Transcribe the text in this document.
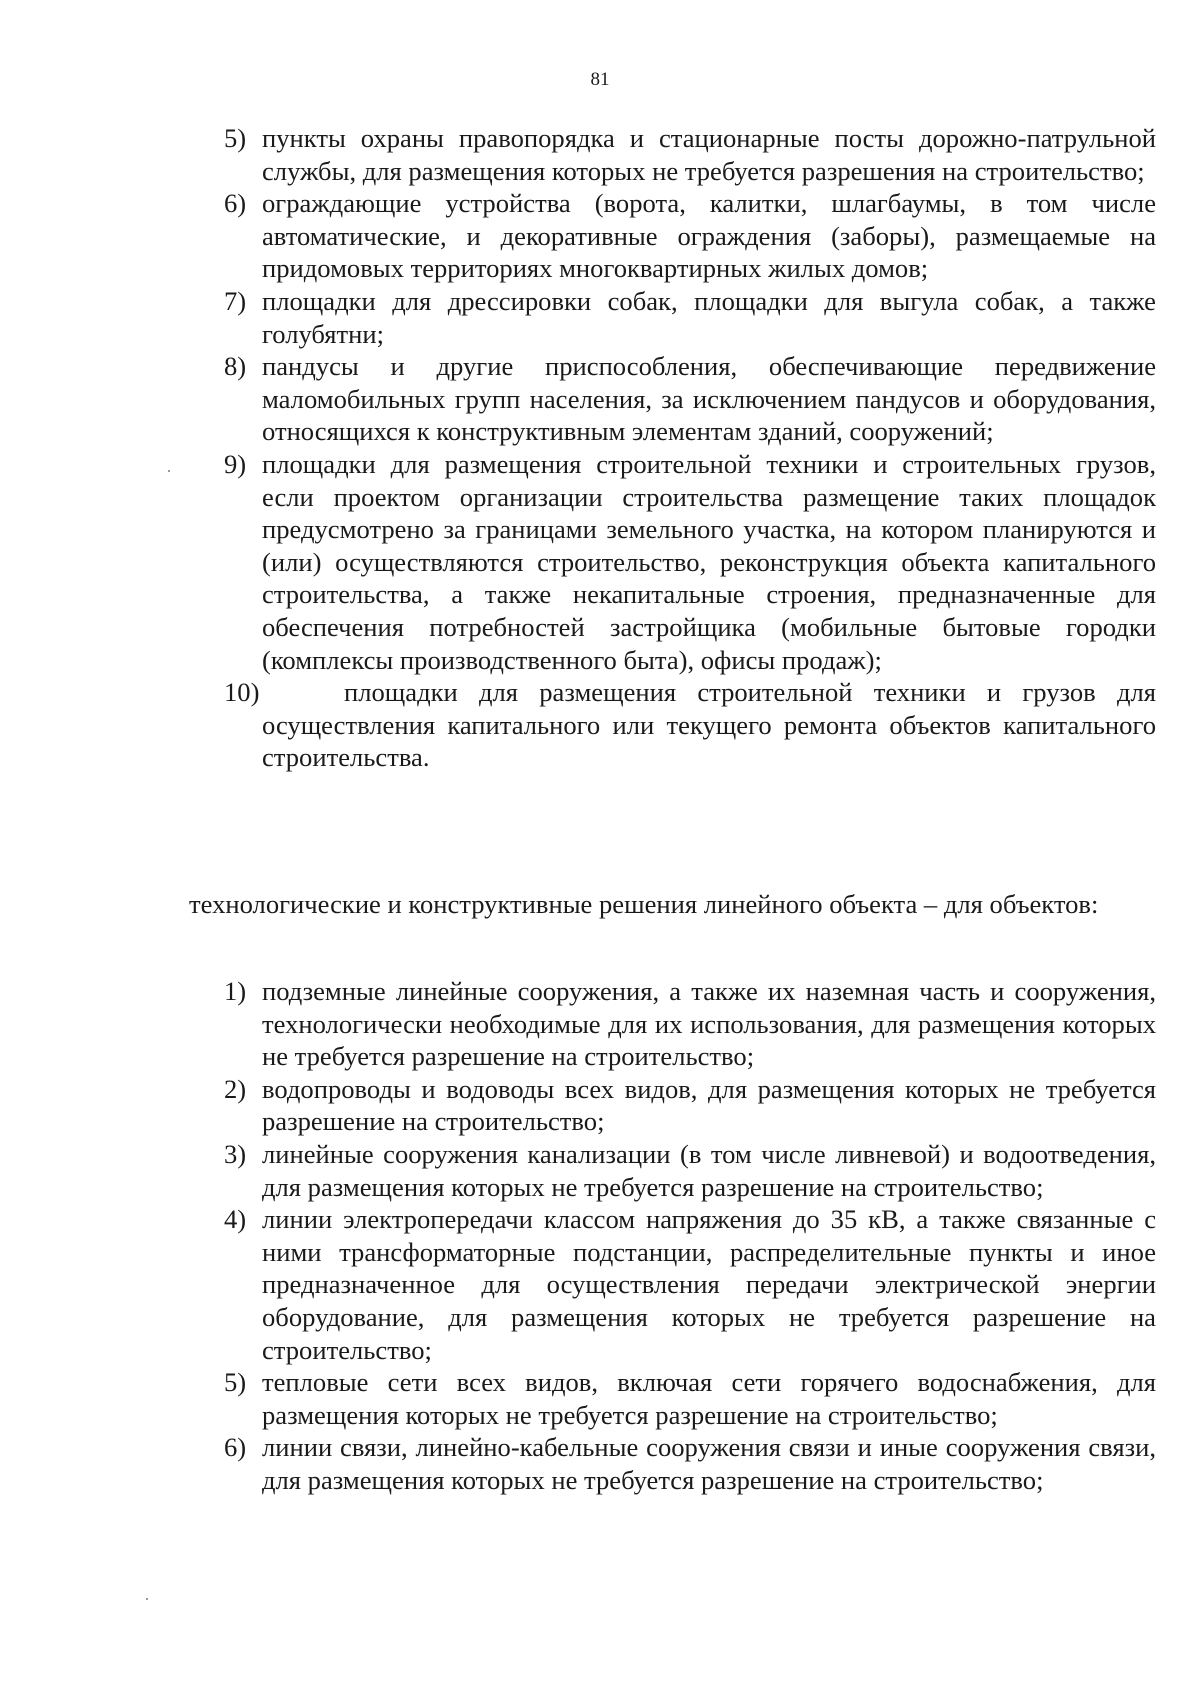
81
5) пункты охраны правопорядка и стационарные посты дорожно-патрульной службы, для размещения которых не требуется разрешения на строительство;
6) ограждающие устройства (ворота, калитки, шлагбаумы, в том числе автоматические, и декоративные ограждения (заборы), размещаемые на придомовых территориях многоквартирных жилых домов;
7) площадки для дрессировки собак, площадки для выгула собак, а также голубятни;
8) пандусы и другие приспособления, обеспечивающие передвижение маломобильных групп населения, за исключением пандусов и оборудования, относящихся к конструктивным элементам зданий, сооружений;
9) площадки для размещения строительной техники и строительных грузов, если проектом организации строительства размещение таких площадок предусмотрено за границами земельного участка, на котором планируются и (или) осуществляются строительство, реконструкция объекта капитального строительства, а также некапитальные строения, предназначенные для обеспечения потребностей застройщика (мобильные бытовые городки (комплексы производственного быта), офисы продаж);
10)	площадки для размещения строительной техники и грузов для осуществления капитального или текущего ремонта объектов капитального строительства.

технологические и конструктивные решения линейного объекта – для объектов:

1) подземные линейные сооружения, а также их наземная часть и сооружения, технологически необходимые для их использования, для размещения которых не требуется разрешение на строительство;
2) водопроводы и водоводы всех видов, для размещения которых не требуется разрешение на строительство;
3) линейные сооружения канализации (в том числе ливневой) и водоотведения, для размещения которых не требуется разрешение на строительство;
4) линии электропередачи классом напряжения до 35 кВ, а также связанные с ними трансформаторные подстанции, распределительные пункты и иное предназначенное для осуществления передачи электрической энергии оборудование, для размещения которых не требуется разрешение на строительство;
5) тепловые сети всех видов, включая сети горячего водоснабжения, для размещения которых не требуется разрешение на строительство;
6) линии связи, линейно-кабельные сооружения связи и иные сооружения связи, для размещения которых не требуется разрешение на строительство;
